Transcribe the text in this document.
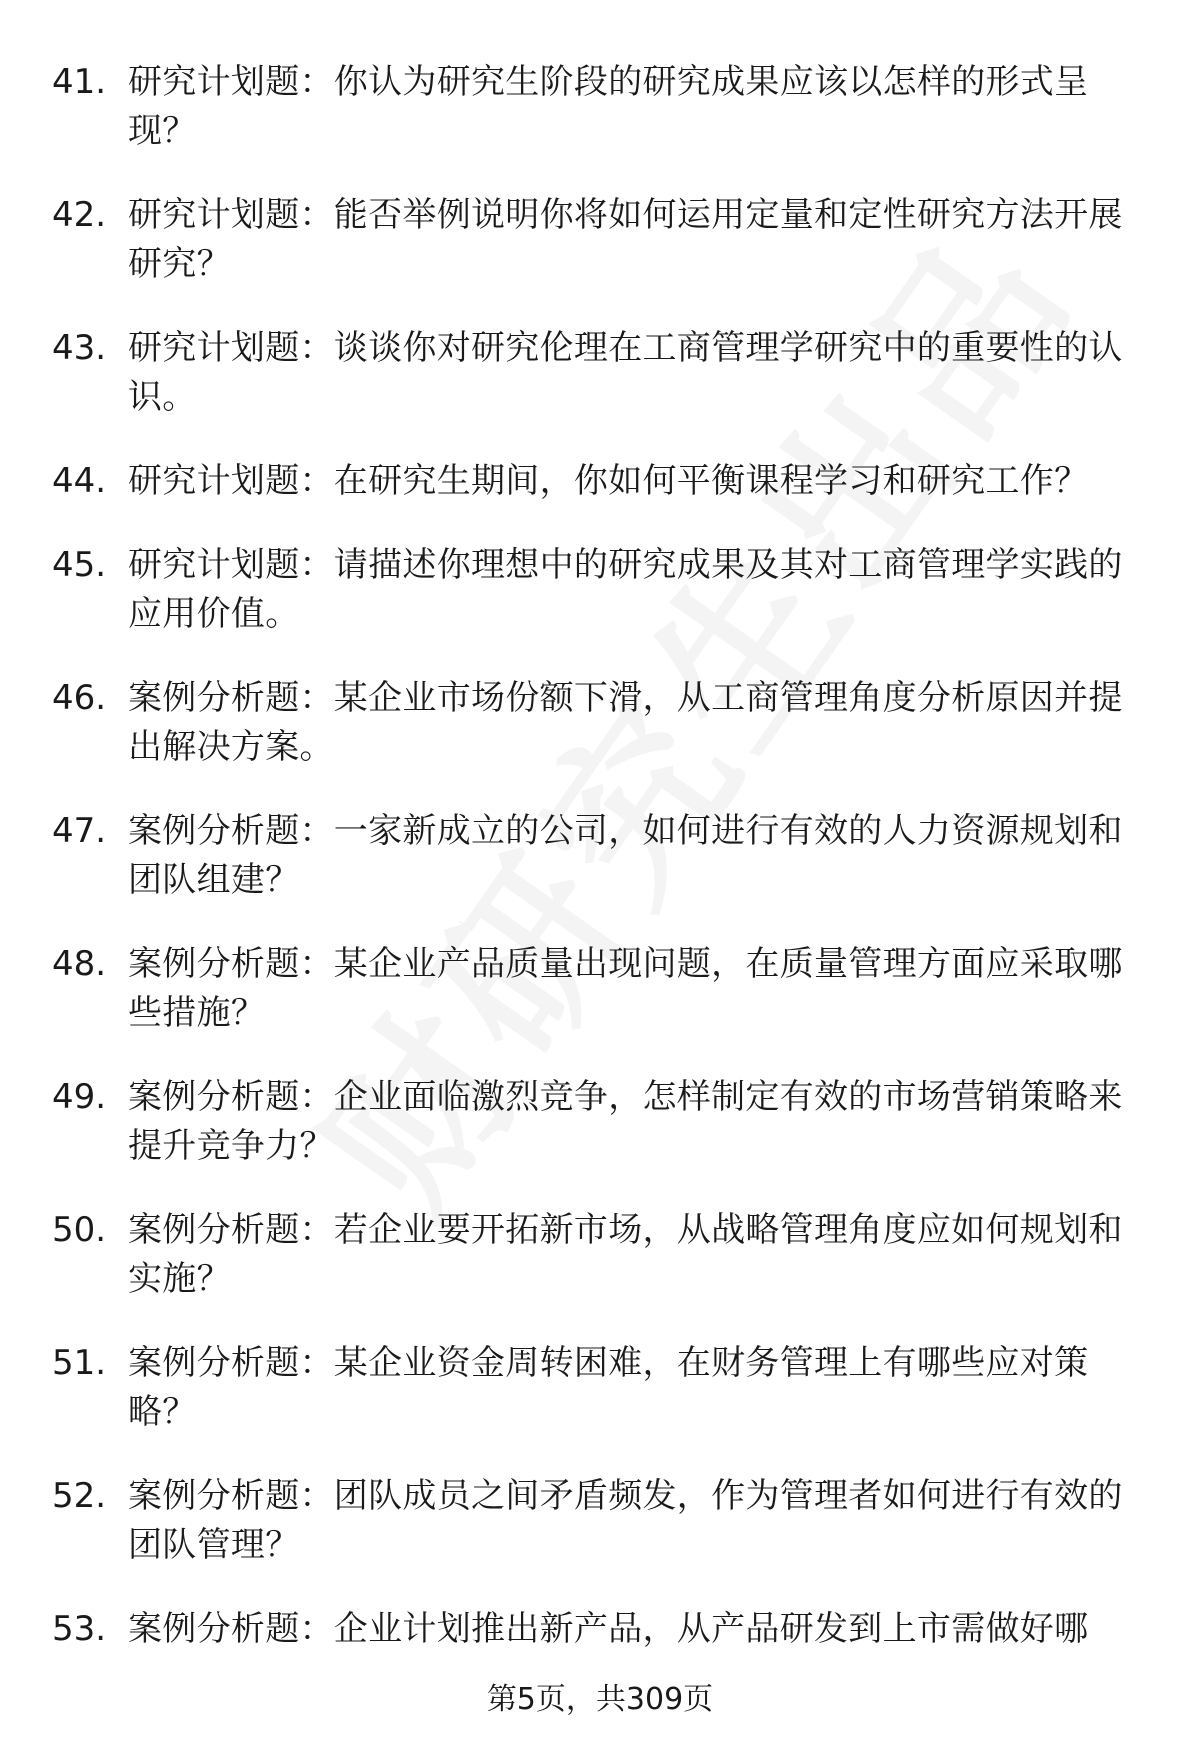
41. 研究计划题：你认为研究生阶段的研究成果应该以怎样的形式呈现？
42. 研究计划题：能否举例说明你将如何运用定量和定性研究方法开展研究？
43. 研究计划题：谈谈你对研究伦理在工商管理学研究中的重要性的认识。
44. 研究计划题：在研究生期间，你如何平衡课程学习和研究工作？
45. 研究计划题：请描述你理想中的研究成果及其对工商管理学实践的应用价值。
46. 案例分析题：某企业市场份额下滑，从工商管理角度分析原因并提出解决方案。
47. 案例分析题：一家新成立的公司，如何进行有效的人力资源规划和团队组建？
48. 案例分析题：某企业产品质量出现问题，在质量管理方面应采取哪些措施？
49. 案例分析题：企业面临激烈竞争，怎样制定有效的市场营销策略来提升竞争力？
50. 案例分析题：若企业要开拓新市场，从战略管理角度应如何规划和实施？
51. 案例分析题：某企业资金周转困难，在财务管理上有哪些应对策略？
52. 案例分析题：团队成员之间矛盾频发，作为管理者如何进行有效的团队管理？
53. 案例分析题：企业计划推出新产品，从产品研发到上市需做好哪
第5页，共309页
